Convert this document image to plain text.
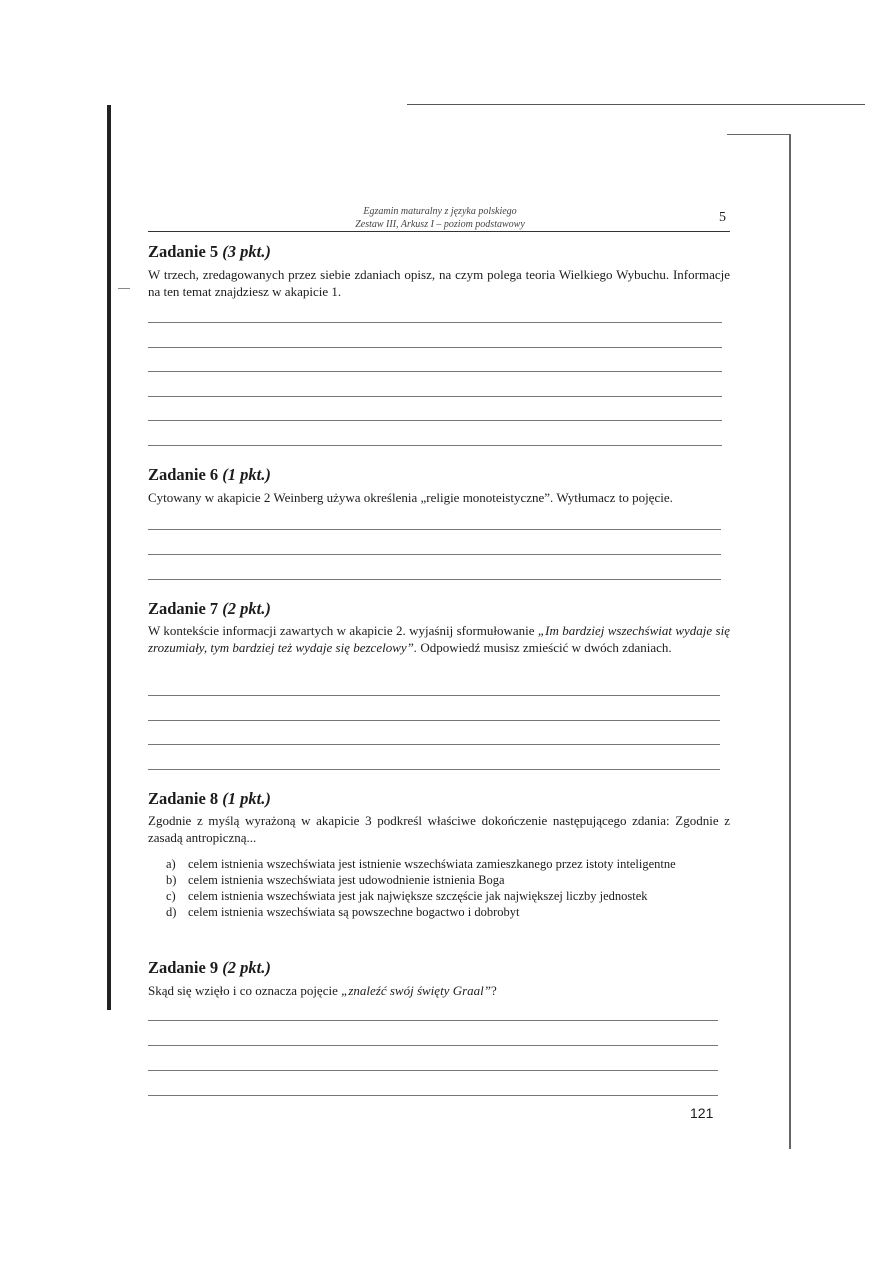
Egzamin maturalny z języka polskiego
Zestaw III, Arkusz I – poziom podstawowy	5
Zadanie 5 (3 pkt.)
W trzech, zredagowanych przez siebie zdaniach opisz, na czym polega teoria Wielkiego Wybuchu. Informacje na ten temat znajdziesz w akapicie 1.
Zadanie 6 (1 pkt.)
Cytowany w akapicie 2 Weinberg używa określenia „religie monoteistyczne”. Wytłumacz to pojęcie.
Zadanie 7 (2 pkt.)
W kontekście informacji zawartych w akapicie 2. wyjaśnij sformułowanie „Im bardziej wszechświat wydaje się zrozumiały, tym bardziej też wydaje się bezcelowy”. Odpowiedź musisz zmieścić w dwóch zdaniach.
Zadanie 8 (1 pkt.)
Zgodnie z myślą wyrażoną w akapicie 3 podkreśl właściwe dokończenie następującego zdania: Zgodnie z zasadą antropiczną...
a) celem istnienia wszechświata jest istnienie wszechświata zamieszkanego przez istoty inteligentne
b) celem istnienia wszechświata jest udowodnienie istnienia Boga
c) celem istnienia wszechświata jest jak największe szczęście jak największej liczby jednostek
d) celem istnienia wszechświata są powszechne bogactwo i dobrobyt
Zadanie 9 (2 pkt.)
Skąd się wzięło i co oznacza pojęcie „znaleźć swój święty Graal”?
121
